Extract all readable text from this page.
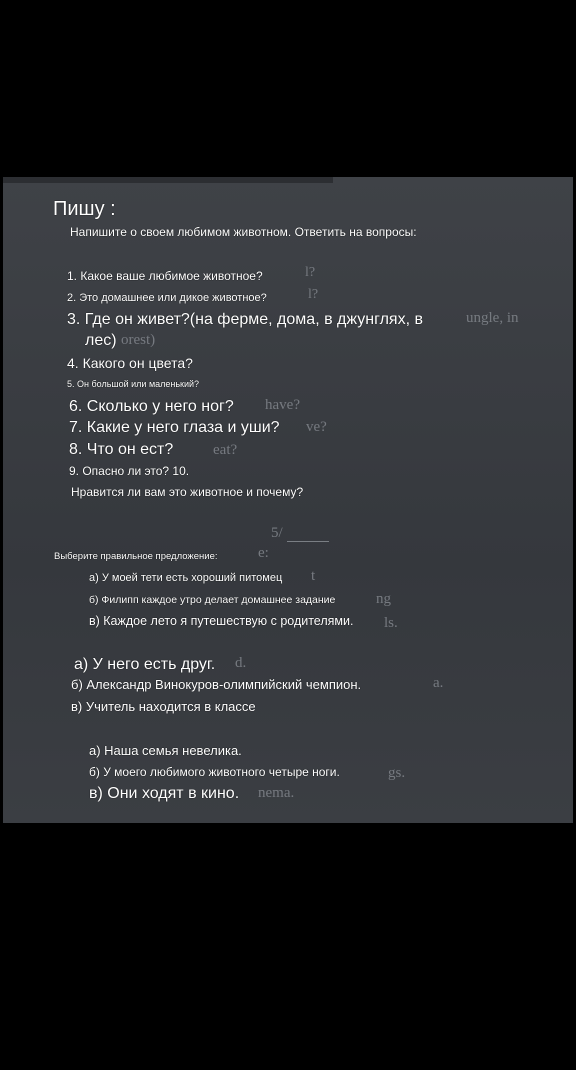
l?
l?
ungle, in
orest)
have?
ve?
eat?
e:
t
ng
ls.
d.
a.
gs.
nema.
Пишу :
Напишите о своем любимом животном. Ответить на вопросы:
1. Какое ваше любимое животное?
2. Это домашнее или дикое животное?
3. Где он живет?(на ферме, дома, в джунглях, в
лес)
4. Какого он цвета?
5. Он большой или маленький?
6. Сколько у него ног?
7. Какие у него глаза и уши?
8. Что он ест?
9. Опасно ли это? 10.
Нравится ли вам это животное и почему?
5/
Выберите правильное предложение:
а) У моей тети есть хороший питомец
б) Филипп каждое утро делает домашнее задание
в) Каждое лето я путешествую с родителями.
а) У него есть друг.
б) Александр Винокуров-олимпийский чемпион.
в) Учитель находится в классе
а) Наша семья невелика.
б) У моего любимого животного четыре ноги.
в) Они ходят в кино.
